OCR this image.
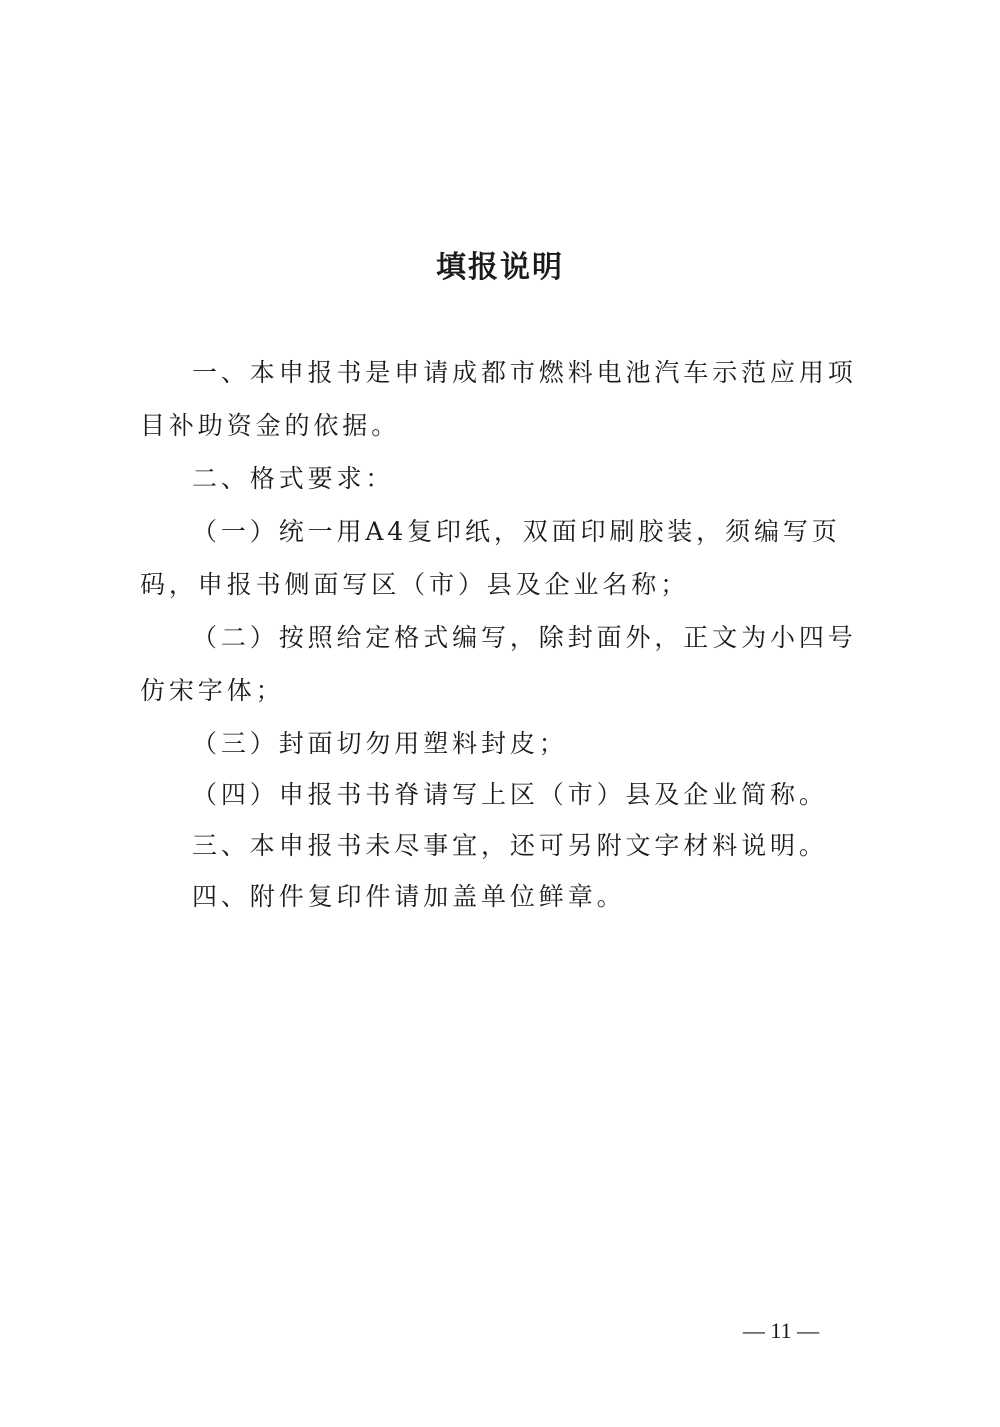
填报说明

一、本申报书是申请成都市燃料电池汽车示范应用项目补助资金的依据。

二、格式要求：

（一）统一用A4复印纸，双面印刷胶装，须编写页码，申报书侧面写区（市）县及企业名称；

（二）按照给定格式编写，除封面外，正文为小四号仿宋字体；

（三）封面切勿用塑料封皮；

（四）申报书书脊请写上区（市）县及企业简称。

三、本申报书未尽事宜，还可另附文字材料说明。

四、附件复印件请加盖单位鲜章。

— 11 —
